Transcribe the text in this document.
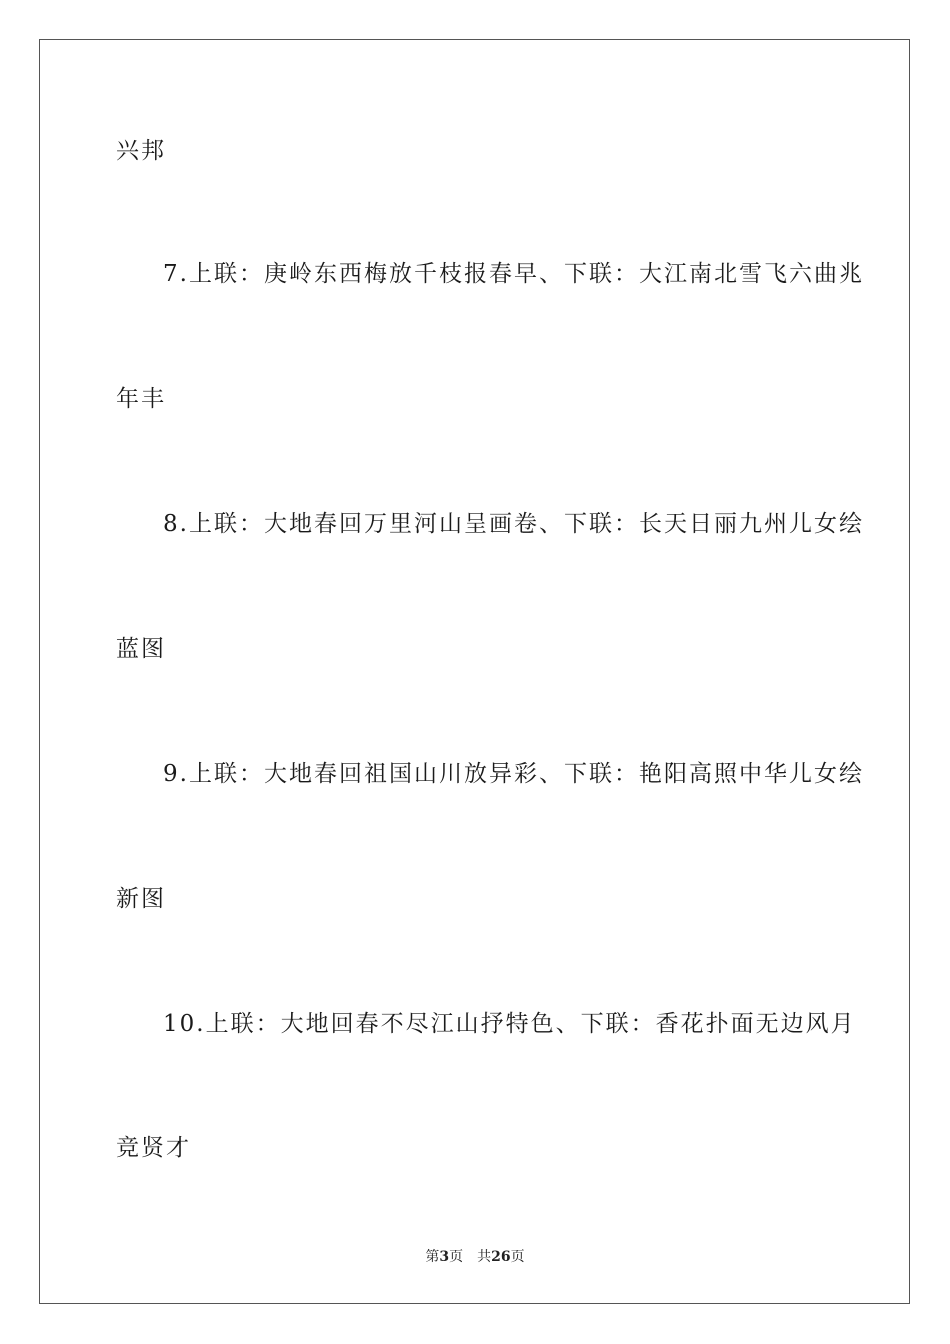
兴邦
7.上联：庚岭东西梅放千枝报春早、下联：大江南北雪飞六曲兆
年丰
8.上联：大地春回万里河山呈画卷、下联：长天日丽九州儿女绘
蓝图
9.上联：大地春回祖国山川放异彩、下联：艳阳高照中华儿女绘
新图
10.上联：大地回春不尽江山抒特色、下联：香花扑面无边风月
竞贤才
第3页 共26页
